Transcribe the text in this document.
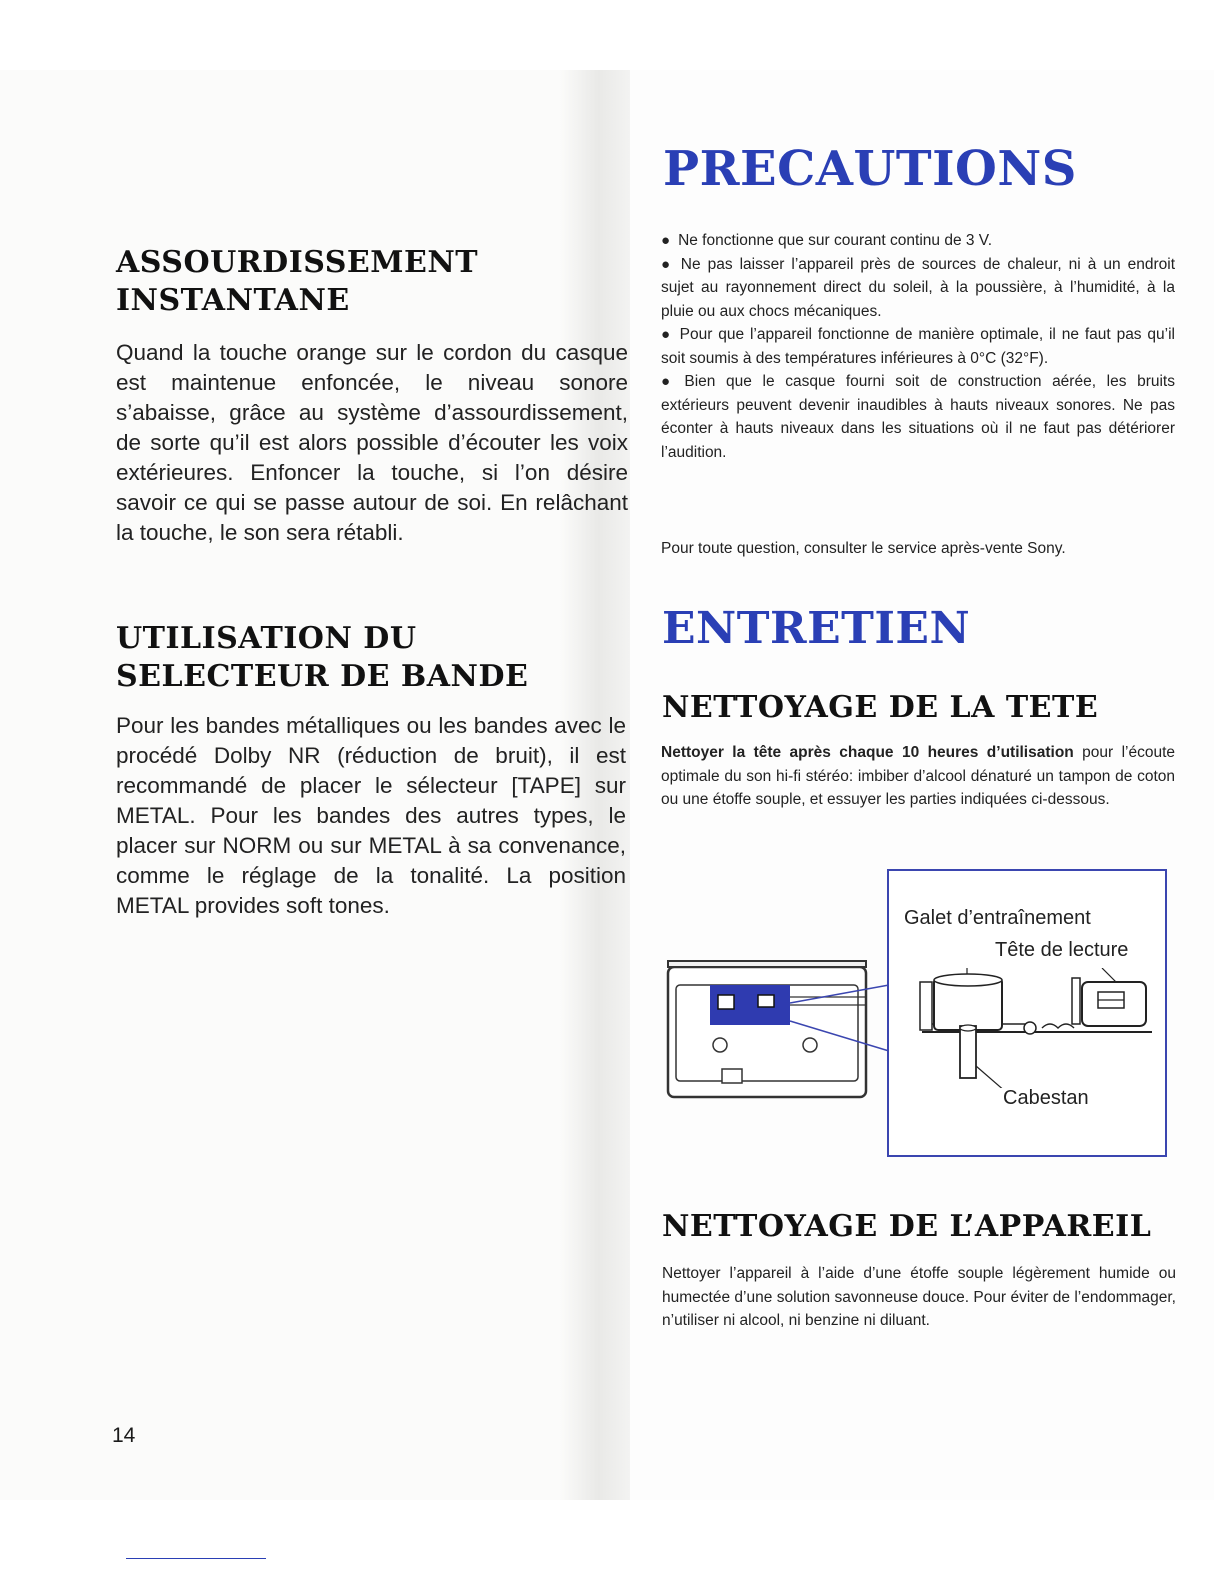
ASSOURDISSEMENT
INSTANTANE
Quand la touche orange sur le cordon du casque est maintenue enfoncée, le niveau sonore s’abaisse, grâce au système d’assourdissement, de sorte qu’il est alors possible d’écouter les voix extérieures. Enfoncer la touche, si l’on désire savoir ce qui se passe autour de soi. En relâchant la touche, le son sera rétabli.
UTILISATION DU
SELECTEUR DE BANDE
Pour les bandes métalliques ou les bandes avec le procédé Dolby NR (réduction de bruit), il est recommandé de placer le sélecteur [TAPE] sur METAL. Pour les bandes des autres types, le placer sur NORM ou sur METAL à sa convenance, comme le réglage de la tonalité. La position METAL provides soft tones.
14
PRECAUTIONS

● Ne fonctionne que sur courant continu de 3 V.

● Ne pas laisser l’appareil près de sources de chaleur, ni à un endroit sujet au rayonnement direct du soleil, à la poussière, à l’humidité, à la pluie ou aux chocs mécaniques.

● Pour que l’appareil fonctionne de manière optimale, il ne faut pas qu’il soit soumis à des températures inférieures à 0°C (32°F).

● Bien que le casque fourni soit de construction aérée, les bruits extérieurs peuvent devenir inaudibles à hauts niveaux sonores. Ne pas éconter à hauts niveaux dans les situations où il ne faut pas détériorer l’audition.

Pour toute question, consulter le service après-vente Sony.
ENTRETIEN
NETTOYAGE DE LA TETE
Nettoyer la tête après chaque 10 heures d’utilisation pour l’écoute optimale du son hi-fi stéréo: imbiber d’alcool dénaturé un tampon de coton ou une étoffe souple, et essuyer les parties indiquées ci-dessous.
Galet d’entraînement
Tête de lecture
Cabestan
NETTOYAGE DE L’APPAREIL
Nettoyer l’appareil à l’aide d’une étoffe souple légèrement humide ou humectée d’une solution savonneuse douce. Pour éviter de l’endommager, n’utiliser ni alcool, ni benzine ni diluant.
